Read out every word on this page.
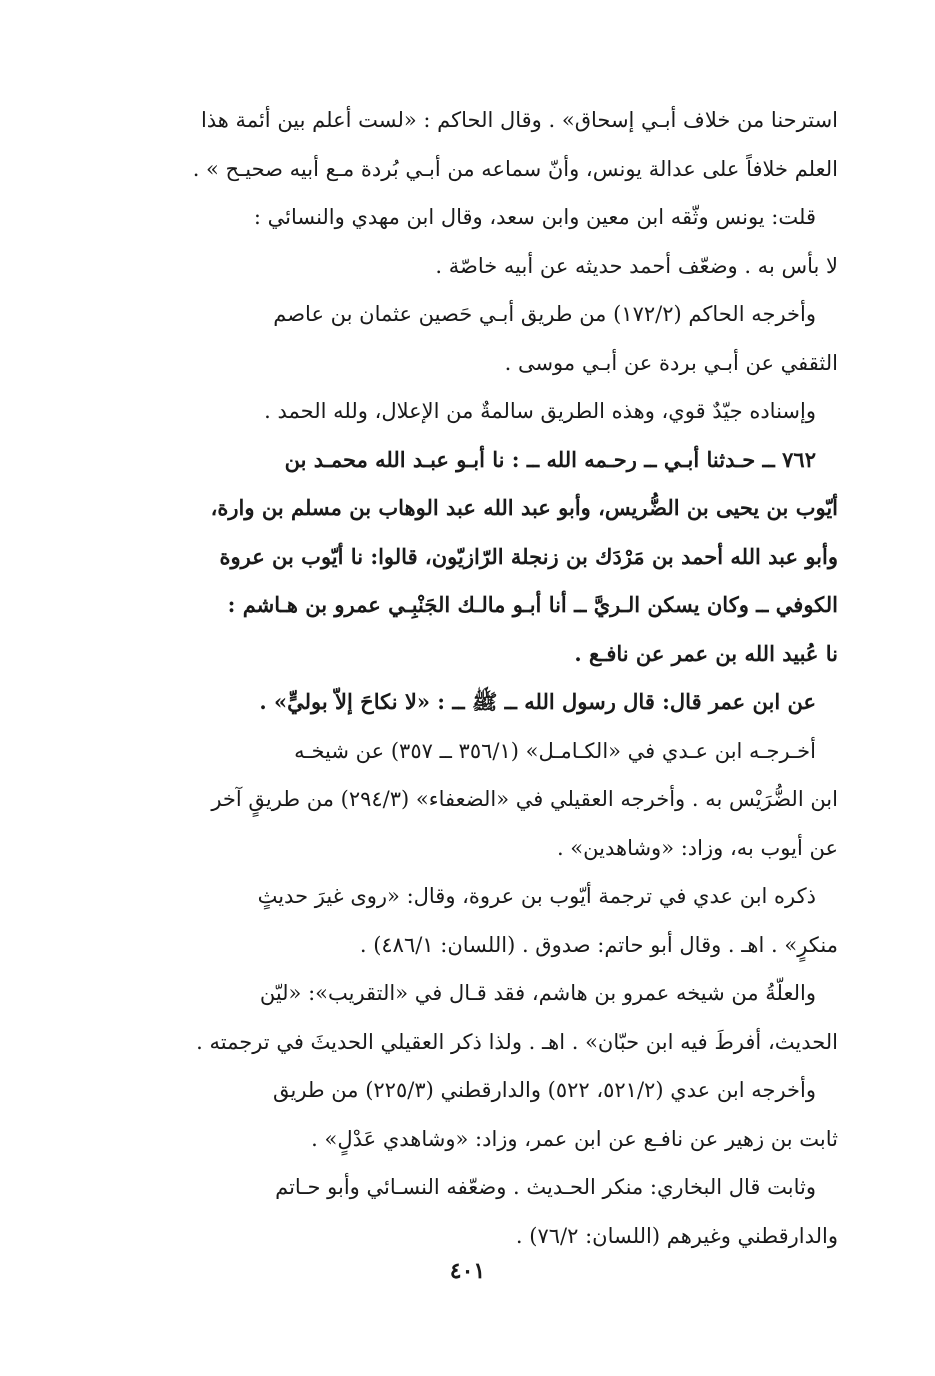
استرحنا من خلاف أبـي إسحاق» . وقال الحاكم : «لست أعلم بين أئمة هذا
العلم خلافاً على عدالة يونس، وأنّ سماعه من أبـي بُردة مـع أبيه صحيـح » .
قلت: يونس وثّقه ابن معين وابن سعد، وقال ابن مهدي والنسائي :
لا بأس به . وضعّف أحمد حديثه عن أبيه خاصّة .
وأخرجه الحاكم (١٧٢/٢) من طريق أبـي حَصين عثمان بن عاصم
الثقفي عن أبـي بردة عن أبـي موسى .
وإسناده جيّدٌ قوي، وهذه الطريق سالمةٌ من الإعلال، ولله الحمد .
٧٦٢ ــ حـدثنا أبـي ــ رحـمه الله ــ : نا أبـو عبـد الله محمـد بن
أيّوب بن يحيى بن الضُّريس، وأبو عبد الله عبد الوهاب بن مسلم بن وارة،
وأبو عبد الله أحمد بن مَرْدَك بن زنجلة الرّازيّون، قالوا: نا أيّوب بن عروة
الكوفي ــ وكان يسكن الـريَّ ــ أنا أبـو مالـك الجَنْبِـي عمرو بن هـاشم :
نا عُبيد الله بن عمر عن نافـع .
عن ابن عمر قال: قال رسول الله ــ ﷺ ــ : «لا نكاحَ إلاّ بوليٍّ» .
أخـرجـه ابن عـدي في «الكـامـل» (٣٥٦/١ ــ ٣٥٧) عن شيخـه
ابن الضُّرَيْس به . وأخرجه العقيلي في «الضعفاء» (٢٩٤/٣) من طريقٍ آخر
عن أيوب به، وزاد: «وشاهدين» .
ذكره ابن عدي في ترجمة أيّوب بن عروة، وقال: «روى غيرَ حديثٍ
منكرٍ» . اهـ . وقال أبو حاتم: صدوق . (اللسان: ٤٨٦/١) .
والعلّةُ من شيخه عمرو بن هاشم، فقد قـال في «التقريب»: «ليّن
الحديث، أفرطَ فيه ابن حبّان» . اهـ . ولذا ذكر العقيلي الحديثَ في ترجمته .
وأخرجه ابن عدي (٥٢١/٢، ٥٢٢) والدارقطني (٢٢٥/٣) من طريق
ثابت بن زهير عن نافـع عن ابن عمر، وزاد: «وشاهدي عَدْلٍ» .
وثابت قال البخاري: منكر الحـديث . وضعّفه النسـائي وأبو حـاتم
والدارقطني وغيرهم (اللسان: ٧٦/٢) .
٤٠١
